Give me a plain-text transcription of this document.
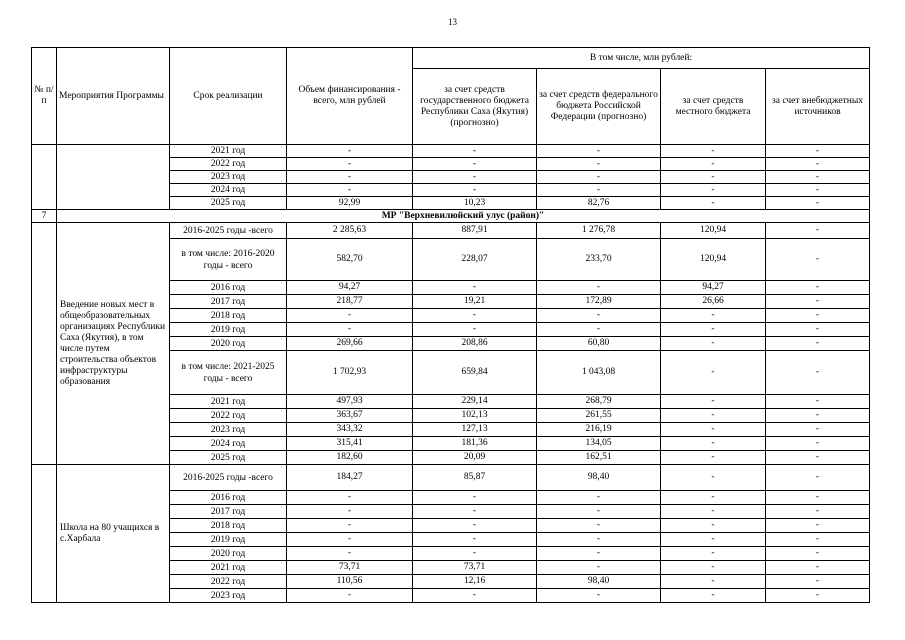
13
№ п/п	Мероприятия Программы	Срок реализации	Объем финансирования - всего, млн рублей	В том числе, млн рублей:			
				за счет средств государственного бюджета Республики Саха (Якутия) (прогнозно)	за счет средств федерального бюджета Российской Федерации (прогнозно)	за счет средств местного бюджета	за счет внебюджетных источников
		2021 год	-	-	-	-	-
		2022 год	-	-	-	-	-
		2023 год	-	-	-	-	-
		2024 год	-	-	-	-	-
		2025 год	92,99	10,23	82,76	-	-
7	МР "Верхневилюйский улус (район)"						
	Введение новых мест в общеобразовательных организациях Республики Саха (Якутия), в том числе путем строительства объектов инфраструктуры образования	2016-2025 годы -всего	2 285,63	887,91	1 276,78	120,94	-
		в том числе: 2016-2020 годы - всего	582,70	228,07	233,70	120,94	-
		2016 год	94,27	-	-	94,27	-
		2017 год	218,77	19,21	172,89	26,66	-
		2018 год	-	-	-	-	-
		2019 год	-	-	-	-	-
		2020 год	269,66	208,86	60,80	-	-
		в том числе: 2021-2025 годы - всего	1 702,93	659,84	1 043,08	-	-
		2021 год	497,93	229,14	268,79	-	-
		2022 год	363,67	102,13	261,55	-	-
		2023 год	343,32	127,13	216,19	-	-
		2024 год	315,41	181,36	134,05	-	-
		2025 год	182,60	20,09	162,51	-	-
	Школа на 80 учащихся в с.Харбала	2016-2025 годы -всего	184,27	85,87	98,40	-	-
		2016 год	-	-	-	-	-
		2017 год	-	-	-	-	-
		2018 год	-	-	-	-	-
		2019 год	-	-	-	-	-
		2020 год	-	-	-	-	-
		2021 год	73,71	73,71	-	-	-
		2022 год	110,56	12,16	98,40	-	-
		2023 год	-	-	-	-	-
